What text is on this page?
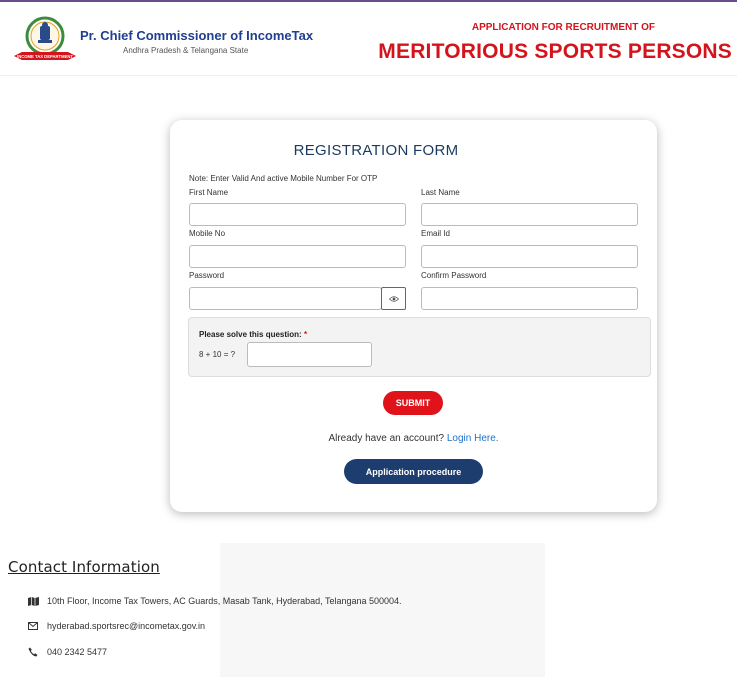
INCOME TAX DEPARTMENT
Pr. Chief Commissioner of IncomeTax
Andhra Pradesh & Telangana State
APPLICATION FOR RECRUITMENT OF
MERITORIOUS SPORTS PERSONS
REGISTRATION FORM
Note: Enter Valid And active Mobile Number For OTP
First Name	Last Name
Mobile No	Email Id
Password	Confirm Password
Please solve this question: *
8 + 10 = ?
SUBMIT
Already have an account? Login Here.
Application procedure
Contact Information
10th Floor, Income Tax Towers, AC Guards, Masab Tank, Hyderabad, Telangana 500004.
hyderabad.sportsrec@incometax.gov.in
040 2342 5477
